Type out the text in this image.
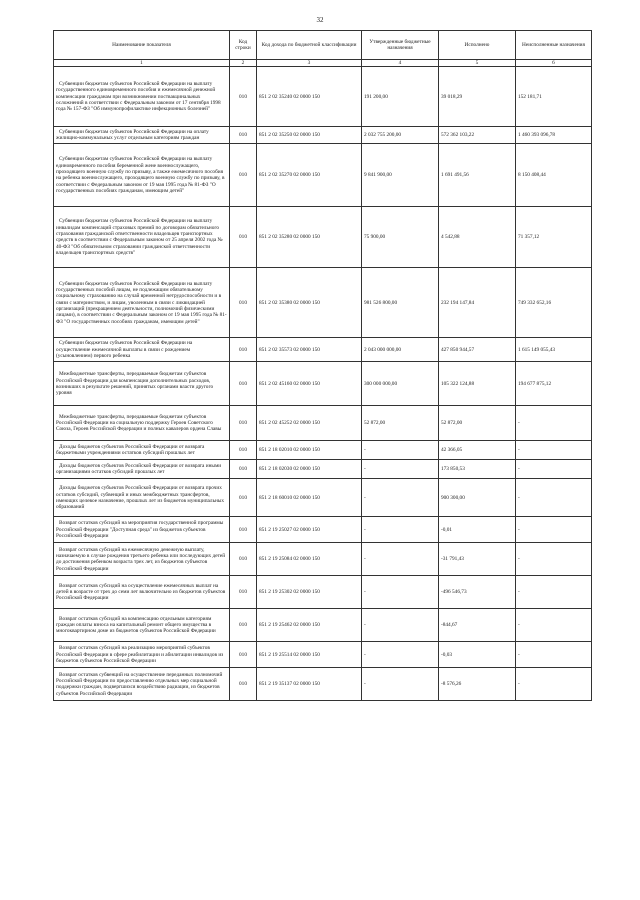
32
Наименование показателя	Код строки	Код дохода по бюджетной классификации	Утвержденные бюджетные назначения	Исполнено	Неисполненные назначения
1	2	3	4	5	6
Субвенции бюджетам субъектов Российской Федерации на выплату государственного единовременного пособия и ежемесячной денежной компенсации гражданам при возникновении поствакцинальных осложнений в соответствии с Федеральным законом от 17 сентября 1998 года № 157-ФЗ "Об иммунопрофилактике инфекционных болезней"	010	851 2 02 35240 02 0000 150	191 200,00	39 018,29	152 181,71
Субвенции бюджетам субъектов Российской Федерации на оплату жилищно-коммунальных услуг отдельным категориям граждан	010	851 2 02 35250 02 0000 150	2 032 755 200,00	572 362 103,22	1 460 393 096,78
Субвенции бюджетам субъектов Российской Федерации на выплату единовременного пособия беременной жене военнослужащего, проходящего военную службу по призыву, а также ежемесячного пособия на ребенка военнослужащего, проходящего военную службу по призыву, в соответствии с Федеральным законом от 19 мая 1995 года № 81-ФЗ "О государственных пособиях гражданам, имеющим детей"	010	851 2 02 35270 02 0000 150	9 841 900,00	1 691 491,56	8 150 408,44
Субвенции бюджетам субъектов Российской Федерации на выплату инвалидам компенсаций страховых премий по договорам обязательного страхования гражданской ответственности владельцев транспортных средств в соответствии с Федеральным законом от 25 апреля 2002 года № 40-ФЗ "Об обязательном страховании гражданской ответственности владельцев транспортных средств"	010	851 2 02 35280 02 0000 150	75 900,00	4 542,88	71 357,12
Субвенции бюджетам субъектов Российской Федерации на выплату государственных пособий лицам, не подлежащим обязательному социальному страхованию на случай временной нетрудоспособности и в связи с материнством, и лицам, уволенным в связи с ликвидацией организаций (прекращением деятельности, полномочий физическими лицами), в соответствии с Федеральным законом от 19 мая 1995 года № 81-ФЗ "О государственных пособиях гражданам, имеющим детей"	010	851 2 02 35380 02 0000 150	981 526 800,00	232 194 147,84	749 332 652,16
Субвенции бюджетам субъектов Российской Федерации на осуществление ежемесячной выплаты в связи с рождением (усыновлением) первого ребенка	010	851 2 02 35573 02 0000 150	2 043 000 000,00	427 850 944,57	1 615 149 055,43
Межбюджетные трансферты, передаваемые бюджетам субъектов Российской Федерации для компенсации дополнительных расходов, возникших в результате решений, принятых органами власти другого уровня	010	851 2 02 45160 02 0000 150	300 000 000,00	105 322 124,88	194 677 875,12
Межбюджетные трансферты, передаваемые бюджетам субъектов Российской Федерации на социальную поддержку Героев Советского Союза, Героев Российской Федерации и полных кавалеров ордена Славы	010	851 2 02 45252 02 0000 150	52 872,00	52 872,00	-
Доходы бюджетов субъектов Российской Федерации от возврата бюджетными учреждениями остатков субсидий прошлых лет	010	851 2 18 02010 02 0000 150	-	42 366,05	-
Доходы бюджетов субъектов Российской Федерации от возврата иными организациями остатков субсидий прошлых лет	010	851 2 18 02030 02 0000 150	-	173 850,53	-
Доходы бюджетов субъектов Российской Федерации от возврата прочих остатков субсидий, субвенций и иных межбюджетных трансфертов, имеющих целевое назначение, прошлых лет из бюджетов муниципальных образований	010	851 2 18 60010 02 0000 150	-	900 300,00	-
Возврат остатков субсидий на мероприятия государственной программы Российской Федерации "Доступная среда" из бюджетов субъектов Российской Федерации	010	851 2 19 25027 02 0000 150	-	-0,01	-
Возврат остатков субсидий на ежемесячную денежную выплату, назначаемую в случае рождения третьего ребенка или последующих детей до достижения ребенком возраста трех лет, из бюджетов субъектов Российской Федерации	010	851 2 19 25084 02 0000 150	-	-31 791,43	-
Возврат остатков субсидий на осуществление ежемесячных выплат на детей в возрасте от трех до семи лет включительно из бюджетов субъектов Российской Федерации	010	851 2 19 25302 02 0000 150	-	-496 546,73	-
Возврат остатков субсидий на компенсацию отдельным категориям граждан оплаты взноса на капитальный ремонт общего имущества в многоквартирном доме из бюджетов субъектов Российской Федерации	010	851 2 19 25462 02 0000 150	-	-844,67	-
Возврат остатков субсидий на реализацию мероприятий субъектов Российской Федерации в сфере реабилитации и абилитации инвалидов из бюджетов субъектов Российской Федерации	010	851 2 19 25514 02 0000 150	-	-0,03	-
Возврат остатков субвенций на осуществление переданных полномочий Российской Федерации по предоставлению отдельных мер социальной поддержки граждан, подвергшихся воздействию радиации, из бюджетов субъектов Российской Федерации	010	851 2 19 35137 02 0000 150	-	-8 576,26	-
